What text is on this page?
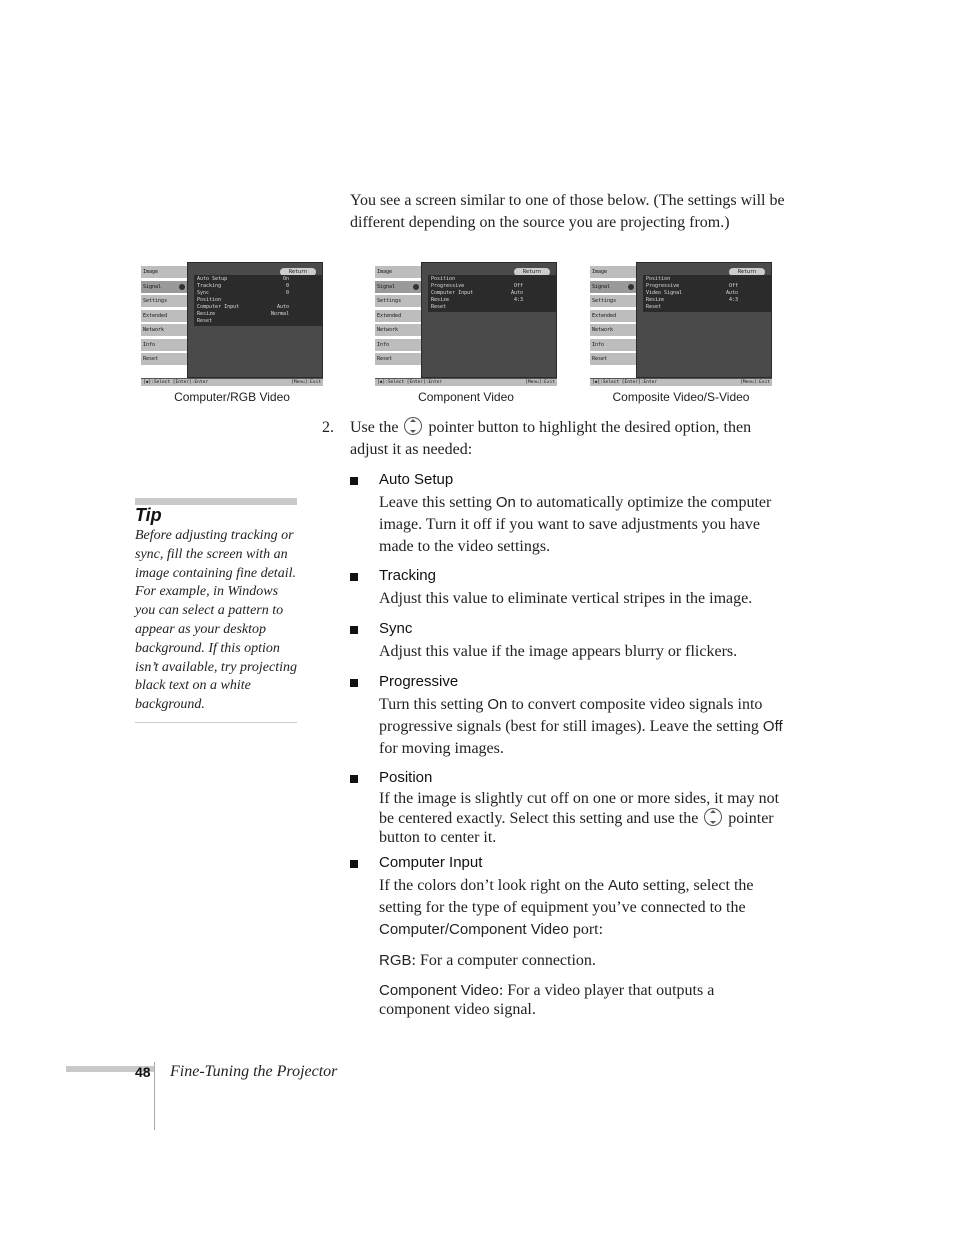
You see a screen similar to one of those below. (The settings will be different depending on the source you are projecting from.)
Image
Signal
Settings
Extended
Network
Info
Reset
Return
Auto Setup	On
Tracking	0
Sync	0
Position
Computer Input	Auto
Resize	Normal
Reset
[◆]:Select [Enter]:Enter	[Menu]:Exit
Computer/RGB Video
Image
Signal
Settings
Extended
Network
Info
Reset
Return
Position
Progressive	Off
Computer Input	Auto
Resize	4:3
Reset
[◆]:Select [Enter]:Enter	[Menu]:Exit
Component Video
Image
Signal
Settings
Extended
Network
Info
Reset
Return
Position
Progressive	Off
Video Signal	Auto
Resize	4:3
Reset
[◆]:Select [Enter]:Enter	[Menu]:Exit
Composite Video/S-Video
2. Use the pointer button to highlight the desired option, then adjust it as needed:
Auto Setup
Leave this setting On to automatically optimize the computer image. Turn it off if you want to save adjustments you have made to the video settings.
Tracking
Adjust this value to eliminate vertical stripes in the image.
Sync
Adjust this value if the image appears blurry or flickers.
Progressive
Turn this setting On to convert composite video signals into progressive signals (best for still images). Leave the setting Off for moving images.
Position
If the image is slightly cut off on one or more sides, it may not be centered exactly. Select this setting and use the pointer button to center it.
Computer Input
If the colors don’t look right on the Auto setting, select the setting for the type of equipment you’ve connected to the Computer/Component Video port:
RGB: For a computer connection.
Component Video: For a video player that outputs a component video signal.
Tip
Before adjusting tracking or sync, fill the screen with an image containing fine detail. For example, in Windows you can select a pattern to appear as your desktop background. If this option isn’t available, try projecting black text on a white background.
48 Fine-Tuning the Projector
